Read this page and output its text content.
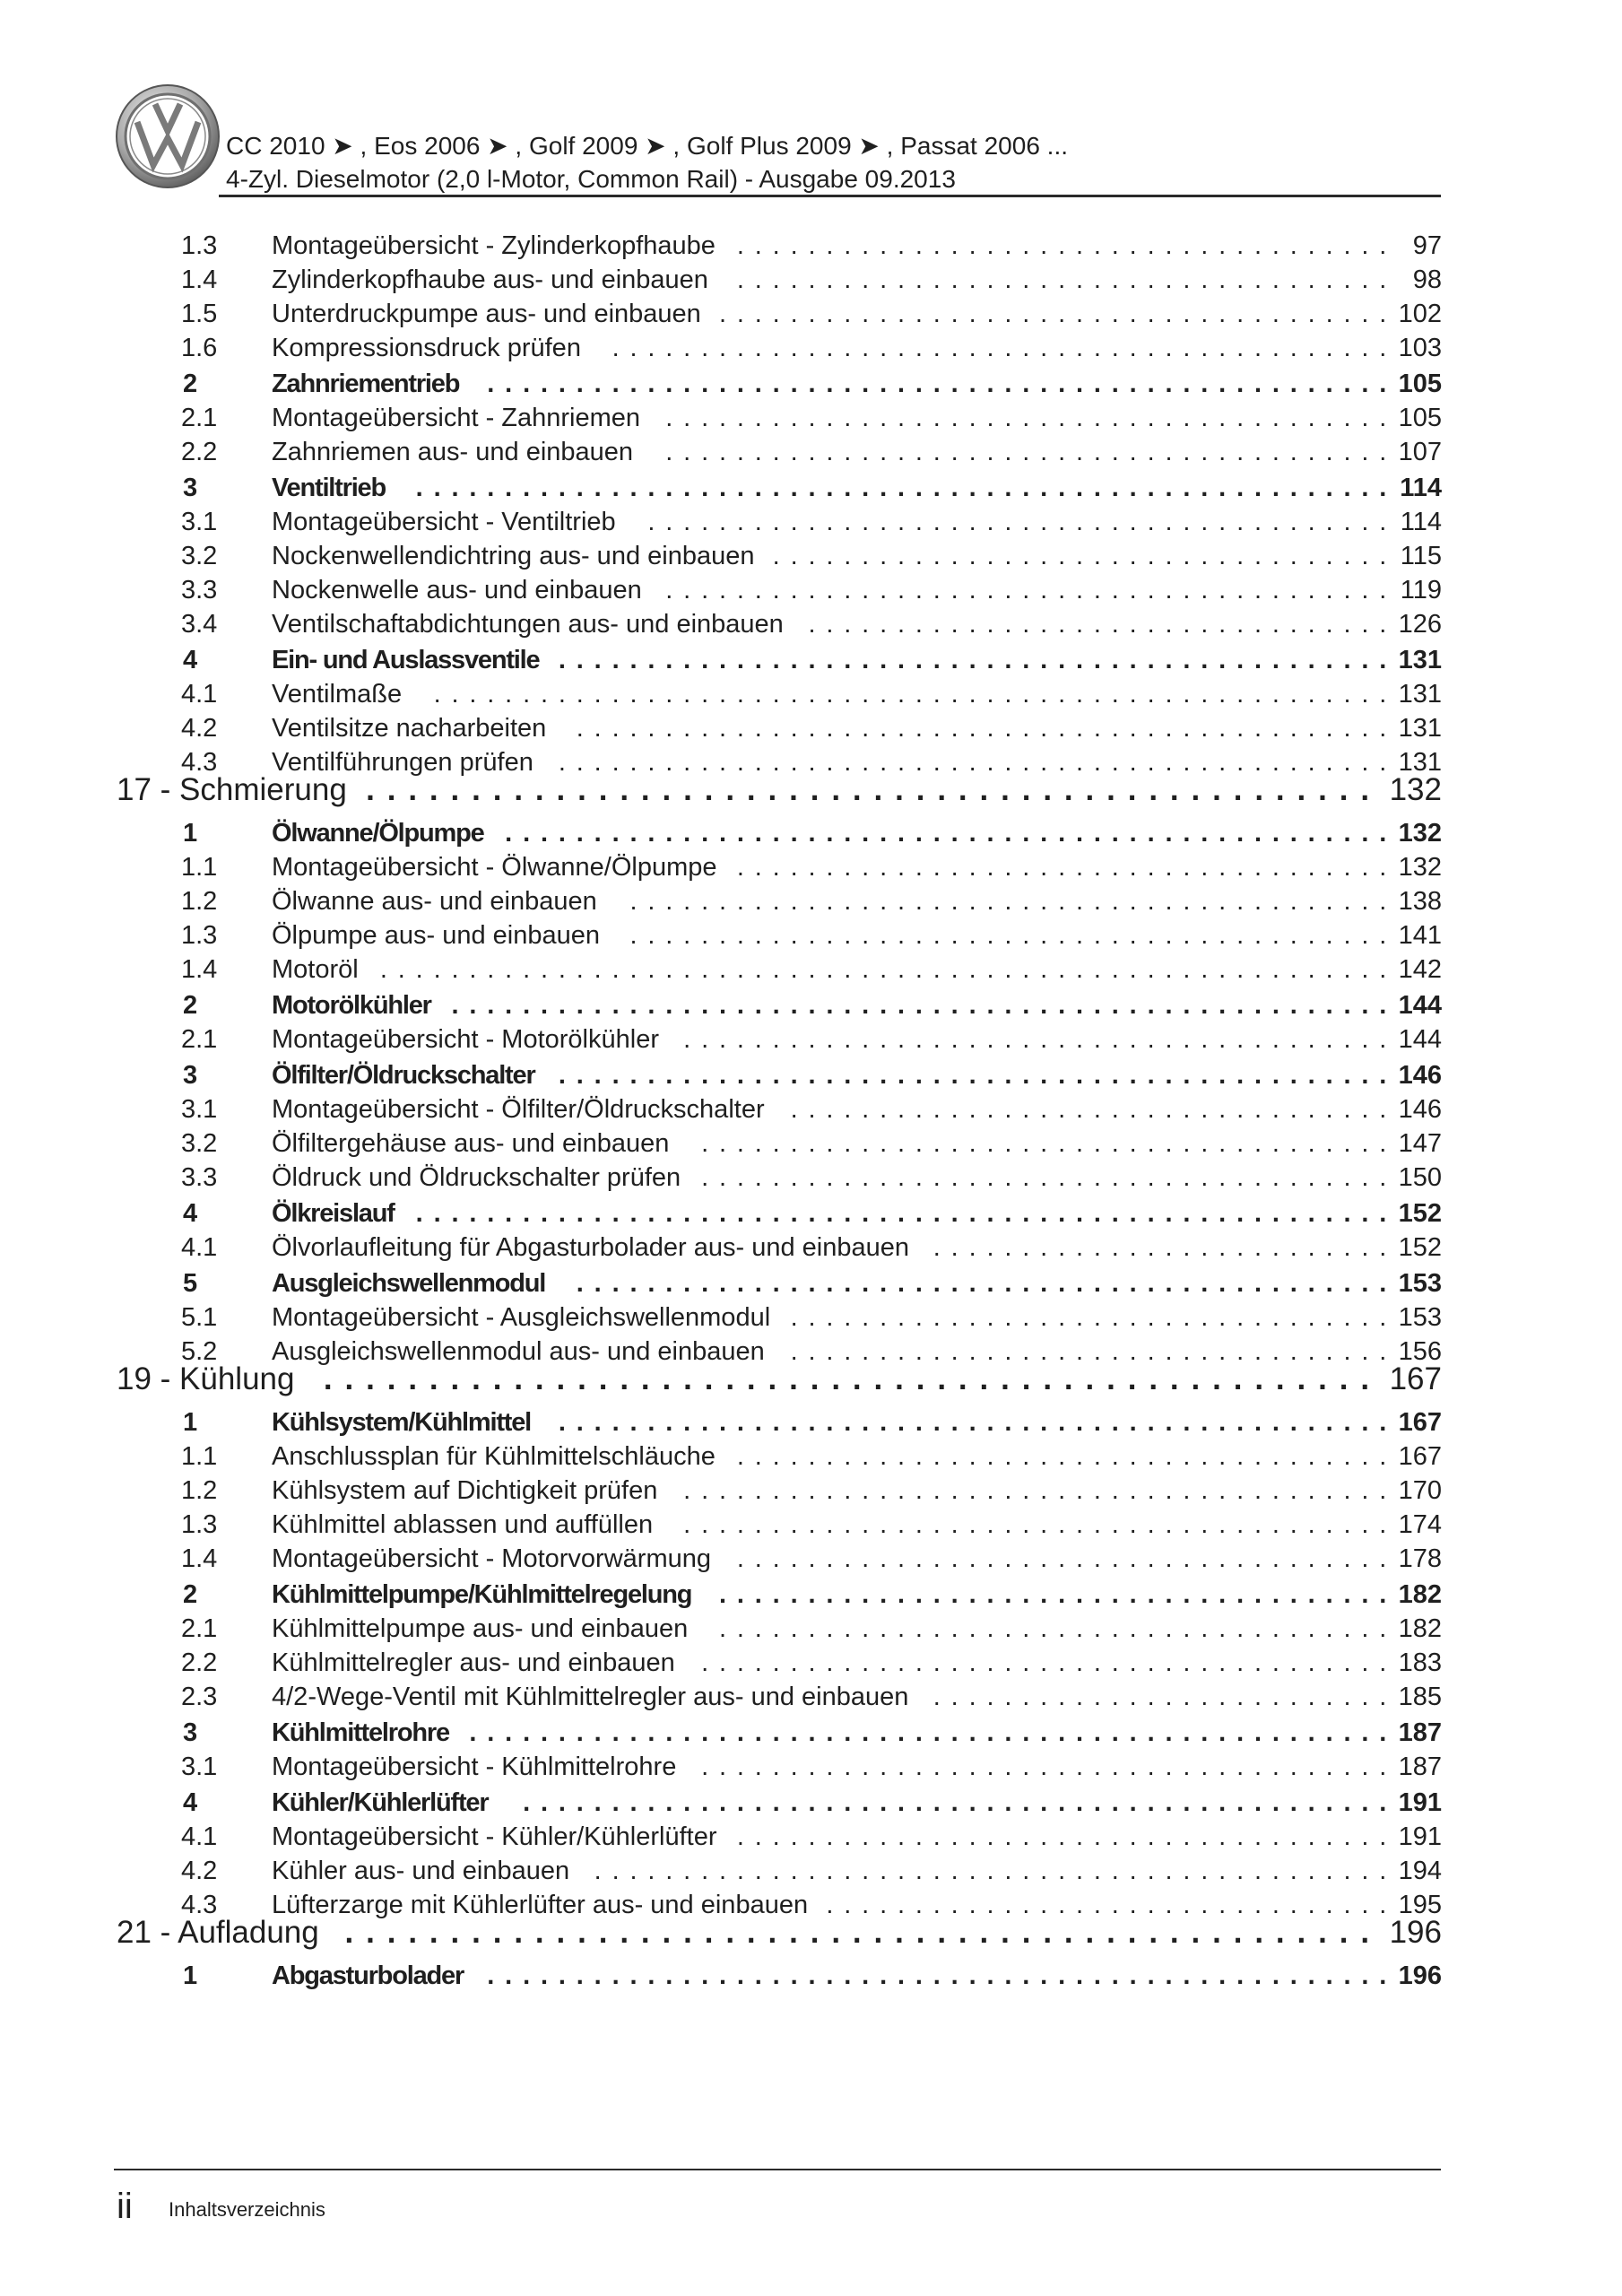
CC 2010 ➤ , Eos 2006 ➤ , Golf 2009 ➤ , Golf Plus 2009 ➤ , Passat 2006 ...
4-Zyl. Dieselmotor (2,0 l-Motor, Common Rail) - Ausgabe 09.2013
1.3 Montageübersicht - Zylinderkopfhaube	97
. . . . . . . . . . . . . . . . . . . . . . . . . . . . . . . . . . . . .
1.4 Zylinderkopfhaube aus- und einbauen	98
. . . . . . . . . . . . . . . . . . . . . . . . . . . . . . . . . . . . .
1.5 Unterdruckpumpe aus- und einbauen	102
. . . . . . . . . . . . . . . . . . . . . . . . . . . . . . . . . . . . . .
1.6 Kompressionsdruck prüfen	103
. . . . . . . . . . . . . . . . . . . . . . . . . . . . . . . . . . . . . . . . . . . .
2	Zahnriementrieb	105
. . . . . . . . . . . . . . . . . . . . . . . . . . . . . . . . . . . . . . . . . . . . . . . . . . .
2.1 Montageübersicht - Zahnriemen	105
. . . . . . . . . . . . . . . . . . . . . . . . . . . . . . . . . . . . . . . . .
2.2 Zahnriemen aus- und einbauen	107
. . . . . . . . . . . . . . . . . . . . . . . . . . . . . . . . . . . . . . . . .
3	Ventiltrieb	114
. . . . . . . . . . . . . . . . . . . . . . . . . . . . . . . . . . . . . . . . . . . . . . . . . . . . . . .
3.1 Montageübersicht - Ventiltrieb	114
. . . . . . . . . . . . . . . . . . . . . . . . . . . . . . . . . . . . . . . . . .
3.2 Nockenwellendichtring aus- und einbauen	115
. . . . . . . . . . . . . . . . . . . . . . . . . . . . . . . . . . .
3.3 Nockenwelle aus- und einbauen	119
. . . . . . . . . . . . . . . . . . . . . . . . . . . . . . . . . . . . . . . . .
3.4 Ventilschaftabdichtungen aus- und einbauen	126
. . . . . . . . . . . . . . . . . . . . . . . . . . . . . . . . .
4	Ein- und Auslassventile	131
. . . . . . . . . . . . . . . . . . . . . . . . . . . . . . . . . . . . . . . . . . . . . . .
4.1 Ventilmaße	131
. . . . . . . . . . . . . . . . . . . . . . . . . . . . . . . . . . . . . . . . . . . . . . . . . . . . . .
4.2 Ventilsitze nacharbeiten	131
. . . . . . . . . . . . . . . . . . . . . . . . . . . . . . . . . . . . . . . . . . . . . .
4.3 Ventilführungen prüfen	131
. . . . . . . . . . . . . . . . . . . . . . . . . . . . . . . . . . . . . . . . . . . . . . .
17 - Schmierung	132
. . . . . . . . . . . . . . . . . . . . . . . . . . . . . . . . . . . . . . . . . . . . . . . .
1	Ölwanne/Ölpumpe	132
. . . . . . . . . . . . . . . . . . . . . . . . . . . . . . . . . . . . . . . . . . . . . . . . . .
1.1 Montageübersicht - Ölwanne/Ölpumpe	132
. . . . . . . . . . . . . . . . . . . . . . . . . . . . . . . . . . . . .
1.2 Ölwanne aus- und einbauen	138
. . . . . . . . . . . . . . . . . . . . . . . . . . . . . . . . . . . . . . . . . . .
1.3 Ölpumpe aus- und einbauen	141
. . . . . . . . . . . . . . . . . . . . . . . . . . . . . . . . . . . . . . . . . . .
1.4 Motoröl	142
. . . . . . . . . . . . . . . . . . . . . . . . . . . . . . . . . . . . . . . . . . . . . . . . . . . . . . . . .
2	Motorölkühler	144
. . . . . . . . . . . . . . . . . . . . . . . . . . . . . . . . . . . . . . . . . . . . . . . . . . . . .
2.1 Montageübersicht - Motorölkühler	144
. . . . . . . . . . . . . . . . . . . . . . . . . . . . . . . . . . . . . . . .
3	Ölfilter/Öldruckschalter	146
. . . . . . . . . . . . . . . . . . . . . . . . . . . . . . . . . . . . . . . . . . . . . . .
3.1 Montageübersicht - Ölfilter/Öldruckschalter	146
. . . . . . . . . . . . . . . . . . . . . . . . . . . . . . . . . .
3.2 Ölfiltergehäuse aus- und einbauen	147
. . . . . . . . . . . . . . . . . . . . . . . . . . . . . . . . . . . . . . .
3.3 Öldruck und Öldruckschalter prüfen	150
. . . . . . . . . . . . . . . . . . . . . . . . . . . . . . . . . . . . . . .
4	Ölkreislauf	152
. . . . . . . . . . . . . . . . . . . . . . . . . . . . . . . . . . . . . . . . . . . . . . . . . . . . . . .
4.1 Ölvorlaufleitung für Abgasturbolader aus- und einbauen	152
. . . . . . . . . . . . . . . . . . . . . . . . . .
5	Ausgleichswellenmodul	153
. . . . . . . . . . . . . . . . . . . . . . . . . . . . . . . . . . . . . . . . . . . . . .
5.1 Montageübersicht - Ausgleichswellenmodul	153
. . . . . . . . . . . . . . . . . . . . . . . . . . . . . . . . . .
5.2 Ausgleichswellenmodul aus- und einbauen	156
. . . . . . . . . . . . . . . . . . . . . . . . . . . . . . . . . .
19 - Kühlung	167
. . . . . . . . . . . . . . . . . . . . . . . . . . . . . . . . . . . . . . . . . . . . . . . . . .
1	Kühlsystem/Kühlmittel	167
. . . . . . . . . . . . . . . . . . . . . . . . . . . . . . . . . . . . . . . . . . . . . . .
1.1 Anschlussplan für Kühlmittelschläuche	167
. . . . . . . . . . . . . . . . . . . . . . . . . . . . . . . . . . . . .
1.2 Kühlsystem auf Dichtigkeit prüfen	170
. . . . . . . . . . . . . . . . . . . . . . . . . . . . . . . . . . . . . . . .
1.3 Kühlmittel ablassen und auffüllen	174
. . . . . . . . . . . . . . . . . . . . . . . . . . . . . . . . . . . . . . . .
1.4 Montageübersicht - Motorvorwärmung	178
. . . . . . . . . . . . . . . . . . . . . . . . . . . . . . . . . . . . .
2	Kühlmittelpumpe/Kühlmittelregelung	182
. . . . . . . . . . . . . . . . . . . . . . . . . . . . . . . . . . . . . .
2.1 Kühlmittelpumpe aus- und einbauen	182
. . . . . . . . . . . . . . . . . . . . . . . . . . . . . . . . . . . . . .
2.2 Kühlmittelregler aus- und einbauen	183
. . . . . . . . . . . . . . . . . . . . . . . . . . . . . . . . . . . . . . .
2.3 4/2-Wege-Ventil mit Kühlmittelregler aus- und einbauen	185
. . . . . . . . . . . . . . . . . . . . . . . . . .
3	Kühlmittelrohre	187
. . . . . . . . . . . . . . . . . . . . . . . . . . . . . . . . . . . . . . . . . . . . . . . . . . . .
3.1 Montageübersicht - Kühlmittelrohre	187
. . . . . . . . . . . . . . . . . . . . . . . . . . . . . . . . . . . . . . .
4	Kühler/Kühlerlüfter	191
. . . . . . . . . . . . . . . . . . . . . . . . . . . . . . . . . . . . . . . . . . . . . . . . .
4.1 Montageübersicht - Kühler/Kühlerlüfter	191
. . . . . . . . . . . . . . . . . . . . . . . . . . . . . . . . . . . . .
4.2 Kühler aus- und einbauen	194
. . . . . . . . . . . . . . . . . . . . . . . . . . . . . . . . . . . . . . . . . . . . .
4.3 Lüfterzarge mit Kühlerlüfter aus- und einbauen	195
. . . . . . . . . . . . . . . . . . . . . . . . . . . . . . . .
21 - Aufladung	196
. . . . . . . . . . . . . . . . . . . . . . . . . . . . . . . . . . . . . . . . . . . . . . . . .
1	Abgasturbolader	196
. . . . . . . . . . . . . . . . . . . . . . . . . . . . . . . . . . . . . . . . . . . . . . . . . . .
ii Inhaltsverzeichnis
